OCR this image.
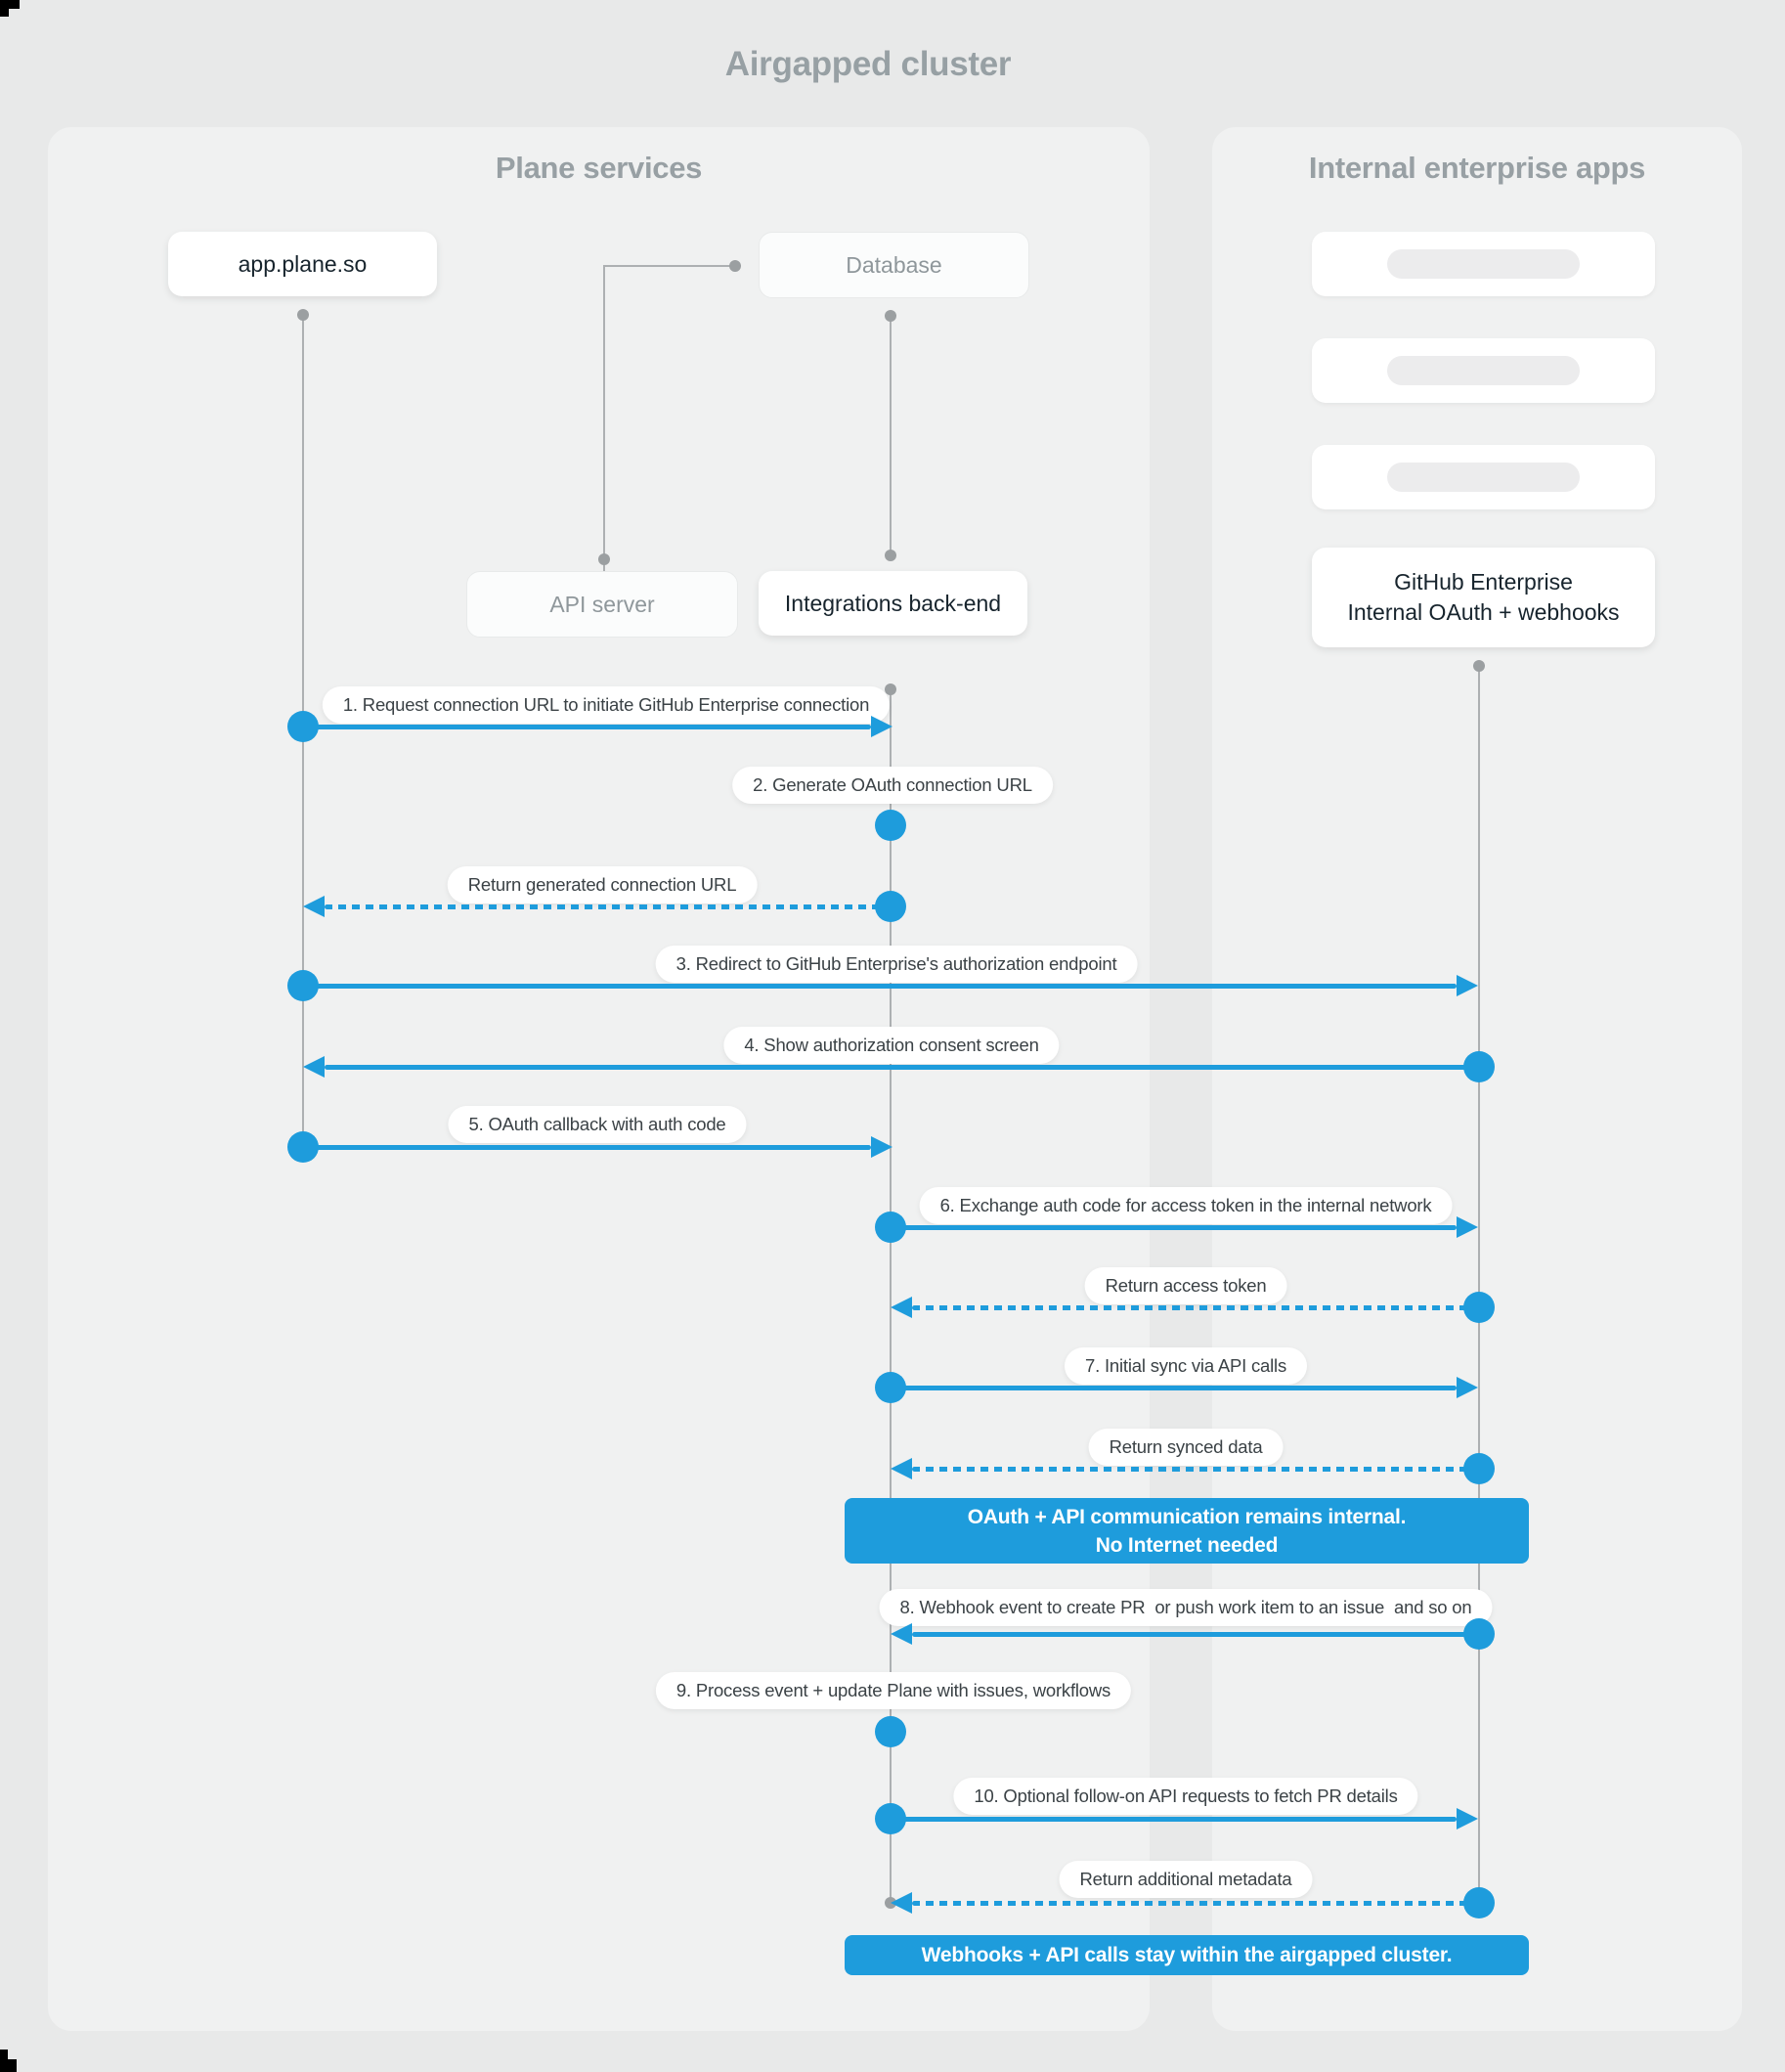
Airgapped cluster
Plane services	Internal enterprise apps
app.plane.so	Database
API server	Integrations back-end
GitHub Enterprise
Internal OAuth + webhooks
1. Request connection URL to initiate GitHub Enterprise connection
2. Generate OAuth connection URL
Return generated connection URL
3. Redirect to GitHub Enterprise's authorization endpoint
4. Show authorization consent screen
5. OAuth callback with auth code
6. Exchange auth code for access token in the internal network
Return access token
7. Initial sync via API calls
Return synced data
OAuth + API communication remains internal.
No Internet needed
8. Webhook event to create PR  or push work item to an issue  and so on
9. Process event + update Plane with issues, workflows
10. Optional follow-on API requests to fetch PR details
Return additional metadata
Webhooks + API calls stay within the airgapped cluster.
